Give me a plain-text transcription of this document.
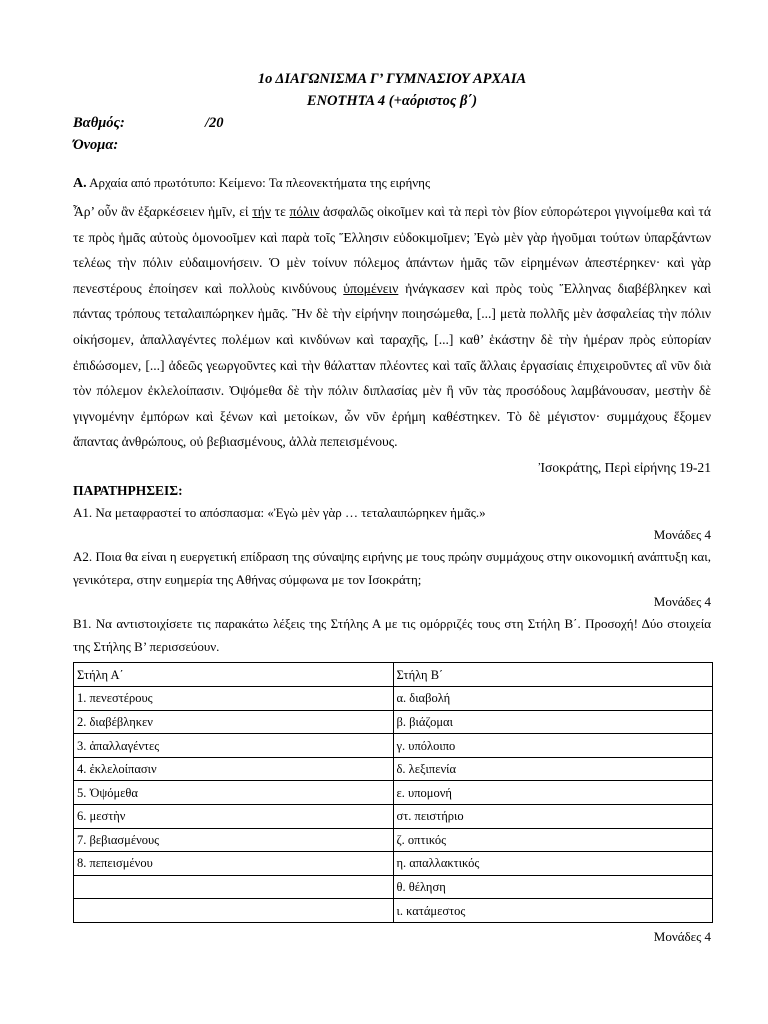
1ο ΔΙΑΓΩΝΙΣΜΑ Γ’ ΓΥΜΝΑΣΙΟΥ ΑΡΧΑΙΑ
ΕΝΟΤΗΤΑ 4 (+αόριστος β΄)
Βαθμός:	/20
Όνομα:
Α. Αρχαία από πρωτότυπο: Κείμενο: Τα πλεονεκτήματα της ειρήνης
Ἆρ’ οὖν ἂν ἐξαρκέσειεν ἡμῖν, εἰ τήν τε πόλιν ἀσφαλῶς οἰκοῖμεν καὶ τὰ περὶ τὸν βίον εὐπορώτεροι γιγνοίμεθα καὶ τά τε πρὸς ἡμᾶς αὐτοὺς ὁμονοοῖμεν καὶ παρὰ τοῖς Ἕλλησιν εὐδοκιμοῖμεν; Ἐγὼ μὲν γὰρ ἡγοῦμαι τούτων ὑπαρξάντων τελέως τὴν πόλιν εὐδαιμονήσειν. Ὁ μὲν τοίνυν πόλεμος ἁπάντων ἡμᾶς τῶν εἰρημένων ἀπεστέρηκεν· καὶ γὰρ πενεστέρους ἐποίησεν καὶ πολλοὺς κινδύνους ὑπομένειν ἠνάγκασεν καὶ πρὸς τοὺς Ἕλληνας διαβέβληκεν καὶ πάντας τρόπους τεταλαιπώρηκεν ἡμᾶς. Ἢν δὲ τὴν εἰρήνην ποιησώμεθα, [...] μετὰ πολλῆς μὲν ἀσφαλείας τὴν πόλιν οἰκήσομεν, ἀπαλλαγέντες πολέμων καὶ κινδύνων καὶ ταραχῆς, [...] καθ’ ἑκάστην δὲ τὴν ἡμέραν πρὸς εὐπορίαν ἐπιδώσομεν, [...] ἀδεῶς γεωργοῦντες καὶ τὴν θάλατταν πλέοντες καὶ ταῖς ἄλλαις ἐργασίαις ἐπιχειροῦντες αἳ νῦν διὰ τὸν πόλεμον ἐκλελοίπασιν. Ὀψόμεθα δὲ τὴν πόλιν διπλασίας μὲν ἢ νῦν τὰς προσόδους λαμβάνουσαν, μεστὴν δὲ γιγνομένην ἐμπόρων καὶ ξένων καὶ μετοίκων, ὧν νῦν ἐρήμη καθέστηκεν. Τὸ δὲ μέγιστον· συμμάχους ἕξομεν ἅπαντας ἀνθρώπους, οὐ βεβιασμένους, ἀλλὰ πεπεισμένους.
Ἰσοκράτης, Περὶ εἰρήνης 19-21
ΠΑΡΑΤΗΡΗΣΕΙΣ:
Α1. Να μεταφραστεί το απόσπασμα: «Ἐγὼ μὲν γὰρ … τεταλαιπώρηκεν ἡμᾶς.»
Μονάδες 4
Α2. Ποια θα είναι η ευεργετική επίδραση της σύναψης ειρήνης με τους πρώην συμμάχους στην οικονομική ανάπτυξη και, γενικότερα, στην ευημερία της Αθήνας σύμφωνα με τον Ισοκράτη;
Μονάδες 4
Β1. Να αντιστοιχίσετε τις παρακάτω λέξεις της Στήλης Α με τις ομόρριζές τους στη Στήλη Β΄. Προσοχή! Δύο στοιχεία της Στήλης Β’ περισσεύουν.
Στήλη Α΄	Στήλη Β΄
1. πενεστέρους	α. διαβολή
2. διαβέβληκεν	β. βιάζομαι
3. ἀπαλλαγέντες	γ. υπόλοιπο
4. ἐκλελοίπασιν	δ. λεξιπενία
5. Ὀψόμεθα	ε. υπομονή
6. μεστὴν	στ. πειστήριο
7. βεβιασμένους	ζ. οπτικός
8. πεπεισμένου	η. απαλλακτικός
	θ. θέληση
	ι. κατάμεστος
Μονάδες 4
